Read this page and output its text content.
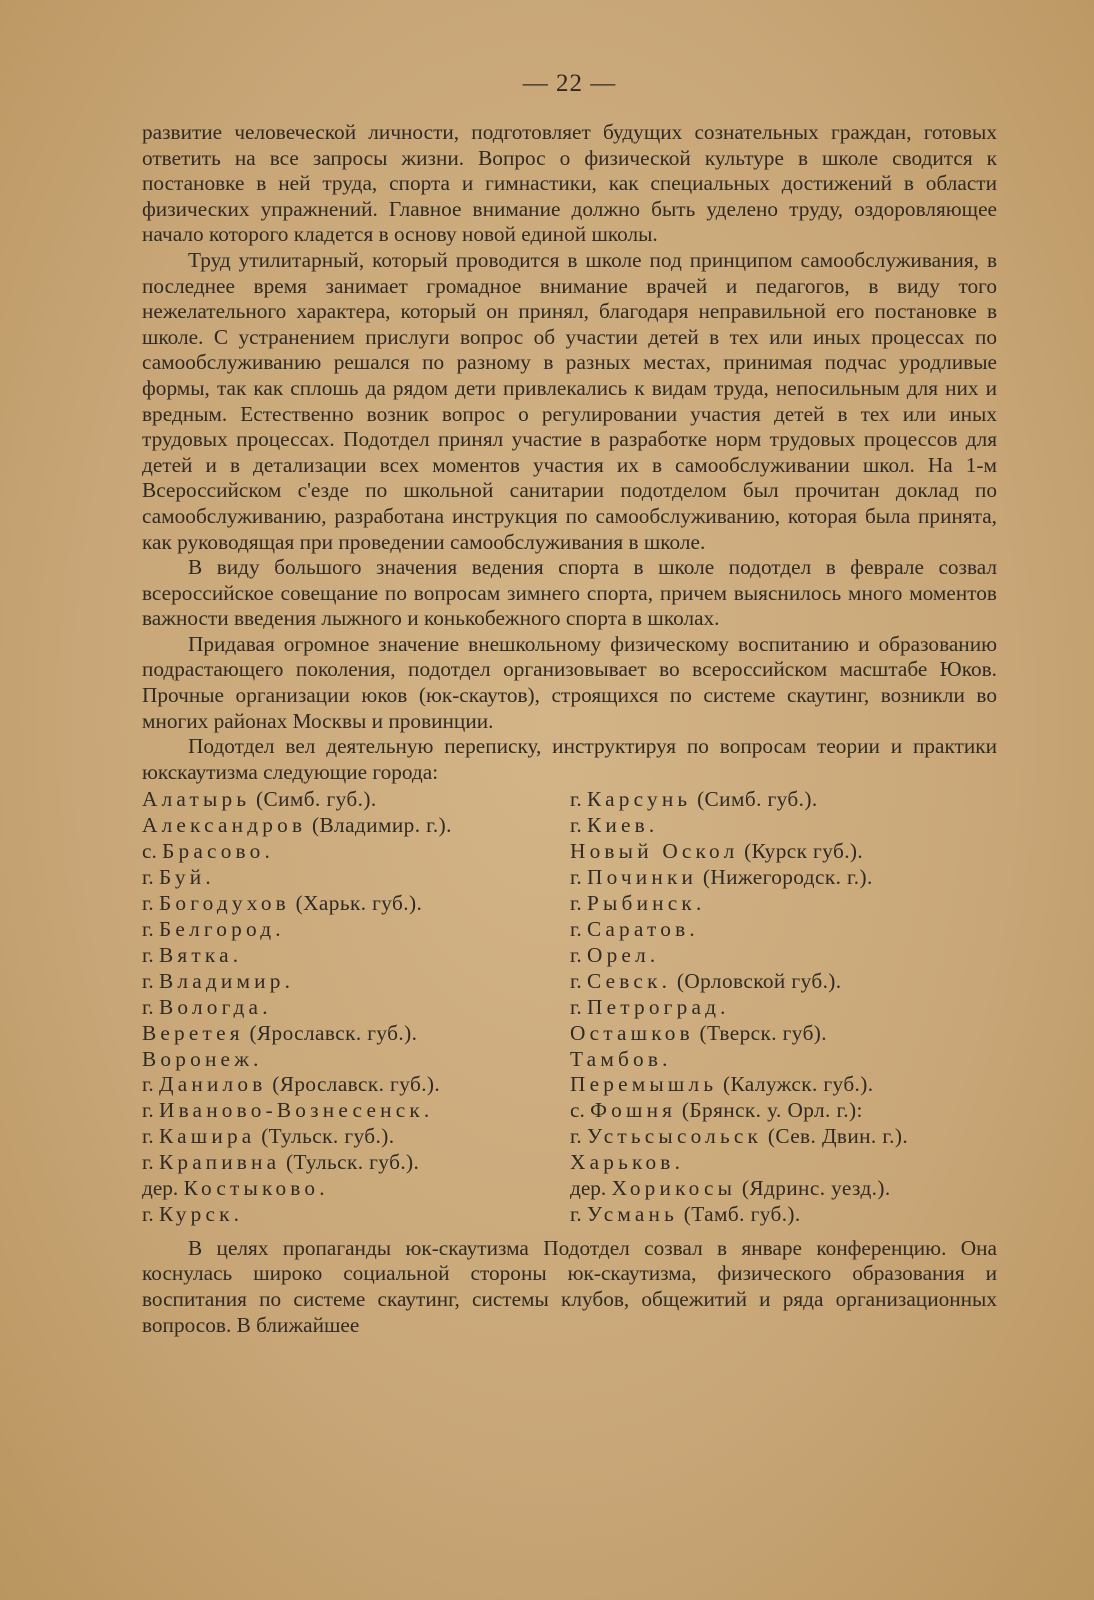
— 22 —

развитие человеческой личности, подготовляет будущих сознательных граждан, готовых ответить на все запросы жизни. Вопрос о физической культуре в школе сводится к постановке в ней труда, спорта и гимнастики, как специальных достижений в области физических упражнений. Главное внимание должно быть уделено труду, оздоровляющее начало которого кладется в основу новой единой школы.

Труд утилитарный, который проводится в школе под принципом самообслуживания, в последнее время занимает громадное внимание врачей и педагогов, в виду того нежелательного характера, который он принял, благодаря неправильной его постановке в школе. С устранением прислуги вопрос об участии детей в тех или иных процессах по самообслуживанию решался по разному в разных местах, принимая подчас уродливые формы, так как сплошь да рядом дети привлекались к видам труда, непосильным для них и вредным. Естественно возник вопрос о регулировании участия детей в тех или иных трудовых процессах. Подотдел принял участие в разработке норм трудовых процессов для детей и в детализации всех моментов участия их в самообслуживании школ. На 1-м Всероссийском с'езде по школьной санитарии подотделом был прочитан доклад по самообслуживанию, разработана инструкция по самообслуживанию, которая была принята, как руководящая при проведении самообслуживания в школе.

В виду большого значения ведения спорта в школе подотдел в феврале созвал всероссийское совещание по вопросам зимнего спорта, причем выяснилось много моментов важности введения лыжного и конькобежного спорта в школах.

Придавая огромное значение внешкольному физическому воспитанию и образованию подрастающего поколения, подотдел организовывает во всероссийском масштабе Юков. Прочные организации юков (юк-скаутов), строящихся по системе скаутинг, возникли во многих районах Москвы и провинции.

Подотдел вел деятельную переписку, инструктируя по вопросам теории и практики юкскаутизма следующие города:

Алатырь (Симб. губ.).
Александров (Владимир. г.).
с. Брасово.
г. Буй.
г. Богодухов (Харьк. губ.).
г. Белгород.
г. Вятка.
г. Владимир.
г. Вологда.
Веретея (Ярославск. губ.).
Воронеж.
г. Данилов (Ярославск. губ.).
г. Иваново-Вознесенск.
г. Кашира (Тульск. губ.).
г. Крапивна (Тульск. губ.).
дер. Костыково.
г. Курск.
г. Карсунь (Симб. губ.).
г. Киев.
Новый Оскол (Курск губ.).
г. Починки (Нижегородск. г.).
г. Рыбинск.
г. Саратов.
г. Орел.
г. Севск. (Орловской губ.).
г. Петроград.
Осташков (Тверск. губ).
Тамбов.
Перемышль (Калужск. губ.).
с. Фошня (Брянск. у. Орл. г.):
г. Устьсысольск (Сев. Двин. г.).
Харьков.
дер. Хорикосы (Ядринс. уезд.).
г. Усмань (Тамб. губ.).

В целях пропаганды юк-скаутизма Подотдел созвал в январе конференцию. Она коснулась широко социальной стороны юк-скаутизма, физического образования и воспитания по системе скаутинг, системы клубов, общежитий и ряда организационных вопросов. В ближайшее
